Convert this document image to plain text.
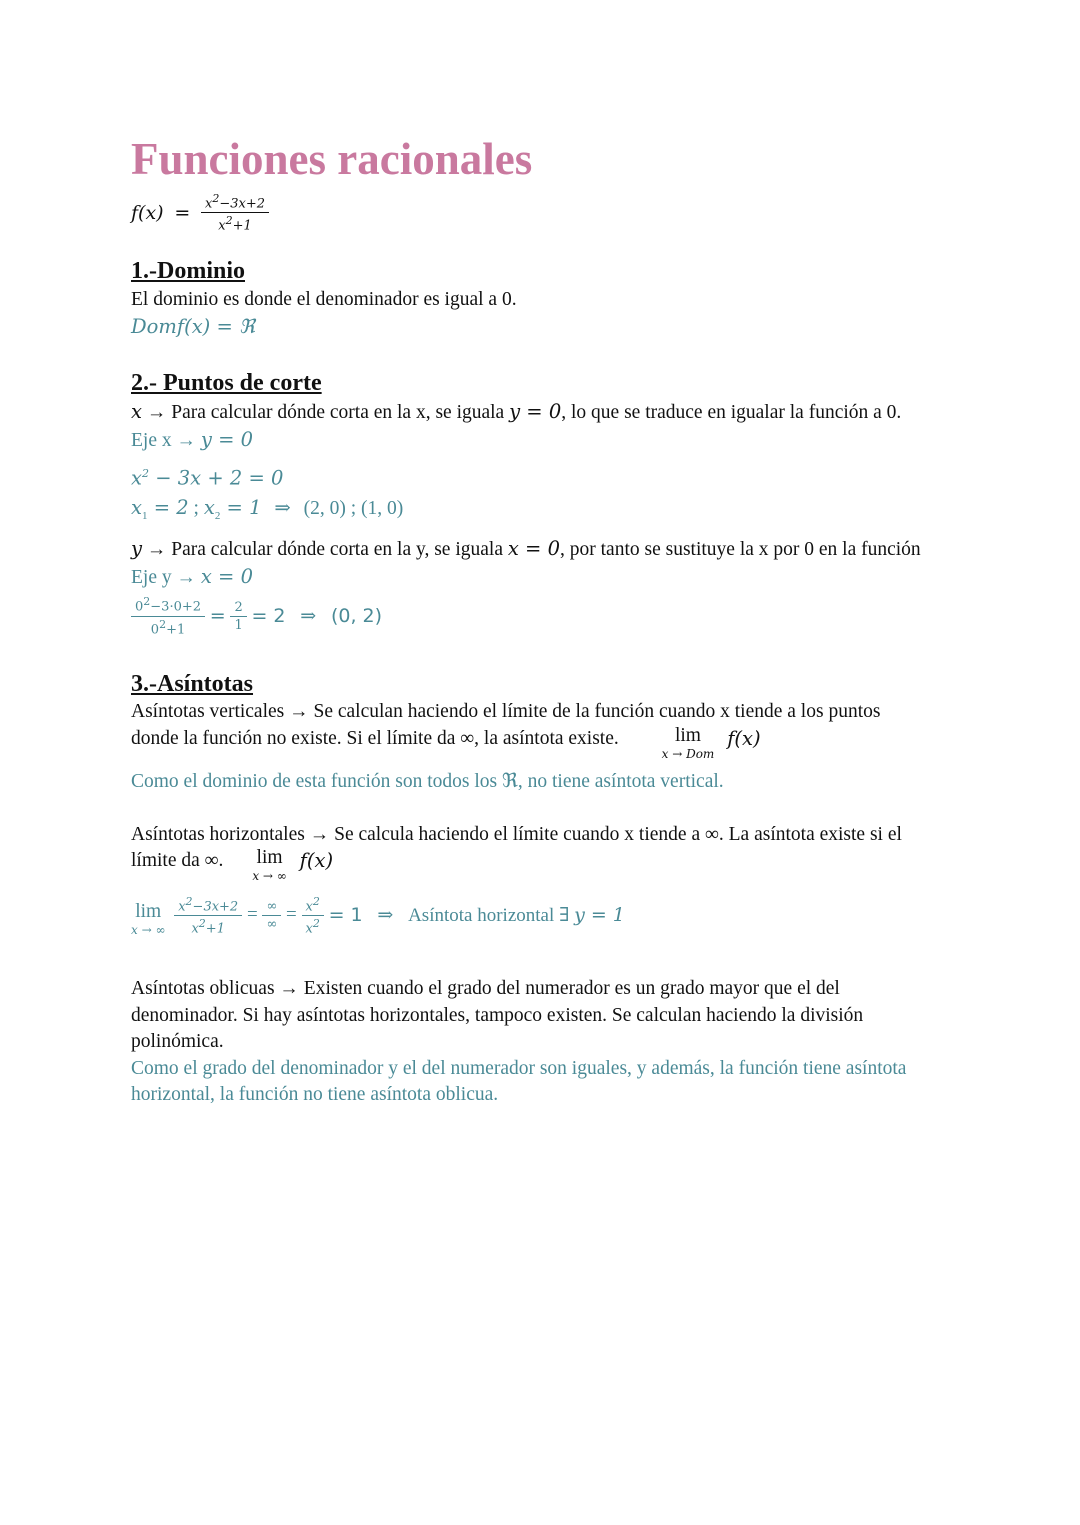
Funciones racionales
$f(x) = \frac{x^2-3x+2}{x^2+1}$
1.-Dominio
El dominio es donde el denominador es igual a 0.
Domf(x) = ℜ
2.- Puntos de corte
x → Para calcular dónde corta en la x, se iguala y = 0, lo que se traduce en igualar la función a 0.
Eje x → y = 0
$x^2 - 3x + 2 = 0$
$x_1 = 2$ ; $x_2 = 1$ ⇒ (2, 0) ; (1, 0)
y → Para calcular dónde corta en la y, se iguala x = 0, por tanto se sustituye la x por 0 en la función
Eje y → x = 0
$\frac{0^2-3\cdot 0+2}{0^2+1} = \frac{2}{1} = 2$ ⇒ (0, 2)
3.-Asíntotas
Asíntotas verticales → Se calculan haciendo el límite de la función cuando x tiende a los puntos
donde la función no existe. Si el límite da ∞, la asíntota existe.	lim
x → Dom
f(x)
Como el dominio de esta función son todos los ℜ, no tiene asíntota vertical.
Asíntotas horizontales → Se calcula haciendo el límite cuando x tiende a ∞. La asíntota existe si el
límite da ∞. lim
x → ∞
f(x)
lim
x → ∞
$\frac{x^2-3x+2}{x^2+1} = \frac{\infty}{\infty} = \frac{x^2}{x^2} = 1$ ⇒ Asíntota horizontal ∃ y = 1
Asíntotas oblicuas → Existen cuando el grado del numerador es un grado mayor que el del
denominador. Si hay asíntotas horizontales, tampoco existen. Se calculan haciendo la división
polinómica.
Como el grado del denominador y el del numerador son iguales, y además, la función tiene asíntota
horizontal, la función no tiene asíntota oblicua.
